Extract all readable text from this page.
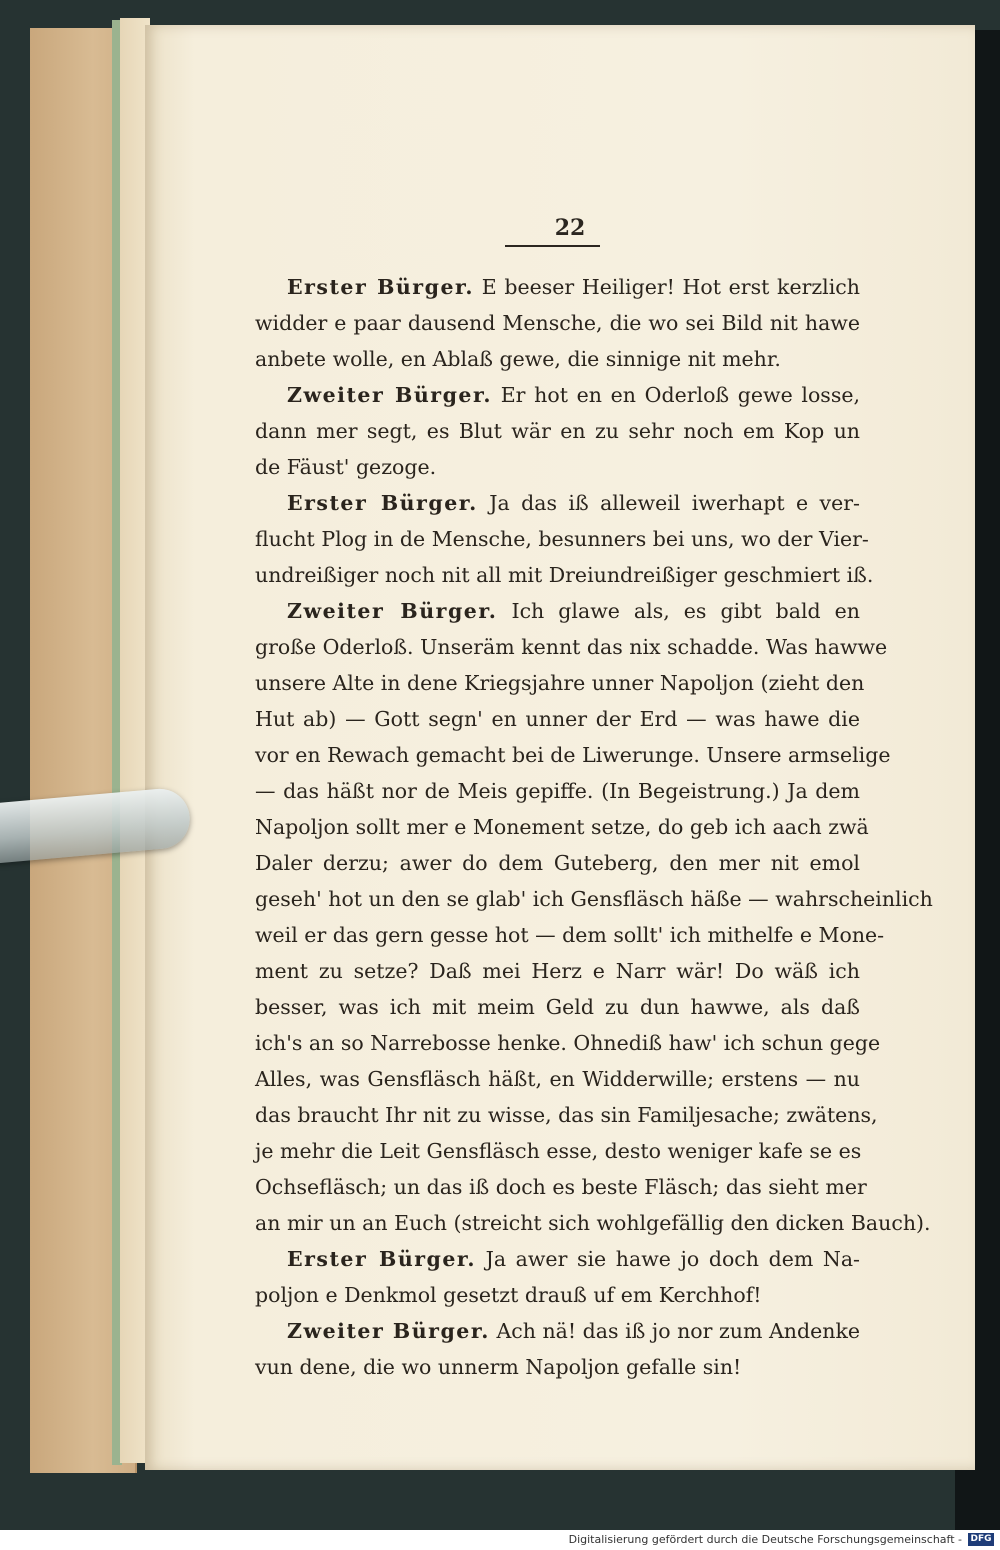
22
Erster Bürger. E beeser Heiliger! Hot erst kerzlich
widder e paar dausend Mensche, die wo sei Bild nit hawe
anbete wolle, en Ablaß gewe, die sinnige nit mehr.
Zweiter Bürger. Er hot en en Oderloß gewe losse,
dann mer segt, es Blut wär en zu sehr noch em Kop un
de Fäust' gezoge.
Erster Bürger. Ja das iß alleweil iwerhapt e ver-
flucht Plog in de Mensche, besunners bei uns, wo der Vier-
undreißiger noch nit all mit Dreiundreißiger geschmiert iß.
Zweiter Bürger. Ich glawe als, es gibt bald en
große Oderloß. Unseräm kennt das nix schadde. Was hawwe
unsere Alte in dene Kriegsjahre unner Napoljon (zieht den
Hut ab) — Gott segn' en unner der Erd — was hawe die
vor en Rewach gemacht bei de Liwerunge. Unsere armselige
— das häßt nor de Meis gepiffe. (In Begeistrung.) Ja dem
Napoljon sollt mer e Monement setze, do geb ich aach zwä
Daler derzu; awer do dem Guteberg, den mer nit emol
geseh' hot un den se glab' ich Gensfläsch häße — wahrscheinlich
weil er das gern gesse hot — dem sollt' ich mithelfe e Mone-
ment zu setze? Daß mei Herz e Narr wär! Do wäß ich
besser, was ich mit meim Geld zu dun hawwe, als daß
ich's an so Narrebosse henke. Ohnediß haw' ich schun gege
Alles, was Gensfläsch häßt, en Widderwille; erstens — nu
das braucht Ihr nit zu wisse, das sin Familjesache; zwätens,
je mehr die Leit Gensfläsch esse, desto weniger kafe se es
Ochsefläsch; un das iß doch es beste Fläsch; das sieht mer
an mir un an Euch (streicht sich wohlgefällig den dicken Bauch).
Erster Bürger. Ja awer sie hawe jo doch dem Na-
poljon e Denkmol gesetzt drauß uf em Kerchhof!
Zweiter Bürger. Ach nä! das iß jo nor zum Andenke
vun dene, die wo unnerm Napoljon gefalle sin!
Digitalisierung gefördert durch die Deutsche Forschungsgemeinschaft - DFG
